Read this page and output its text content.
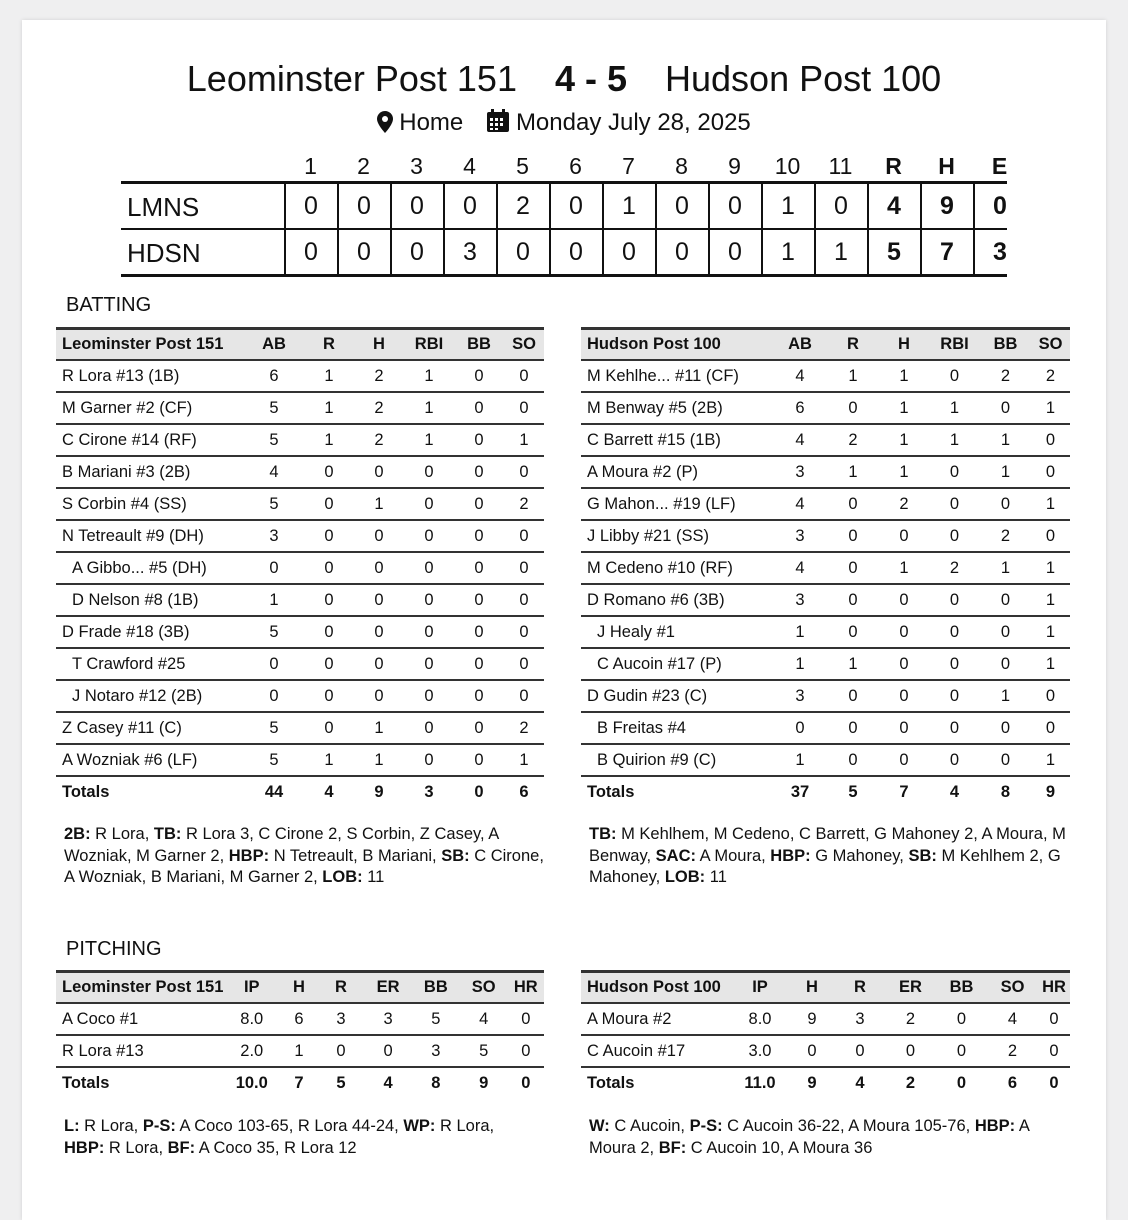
Leominster Post 151 4 - 5 Hudson Post 100
Home Monday July 28, 2025
1	2	3	4	5	6	7	8	9	10	11	R	H	E
LMNS	0	0	0	0	2	0	1	0	0	1	0	4	9	0
HDSN	0	0	0	3	0	0	0	0	0	1	1	5	7	3
BATTING
Leominster Post 151	AB	R	H	RBI	BB	SO
R Lora #13 (1B)	6	1	2	1	0	0
M Garner #2 (CF)	5	1	2	1	0	0
C Cirone #14 (RF)	5	1	2	1	0	1
B Mariani #3 (2B)	4	0	0	0	0	0
S Corbin #4 (SS)	5	0	1	0	0	2
N Tetreault #9 (DH)	3	0	0	0	0	0
A Gibbo... #5 (DH)	0	0	0	0	0	0
D Nelson #8 (1B)	1	0	0	0	0	0
D Frade #18 (3B)	5	0	0	0	0	0
T Crawford #25	0	0	0	0	0	0
J Notaro #12 (2B)	0	0	0	0	0	0
Z Casey #11 (C)	5	0	1	0	0	2
A Wozniak #6 (LF)	5	1	1	0	0	1
Totals	44	4	9	3	0	6
Hudson Post 100	AB	R	H	RBI	BB	SO
M Kehlhe... #11 (CF)	4	1	1	0	2	2
M Benway #5 (2B)	6	0	1	1	0	1
C Barrett #15 (1B)	4	2	1	1	1	0
A Moura #2 (P)	3	1	1	0	1	0
G Mahon... #19 (LF)	4	0	2	0	0	1
J Libby #21 (SS)	3	0	0	0	2	0
M Cedeno #10 (RF)	4	0	1	2	1	1
D Romano #6 (3B)	3	0	0	0	0	1
J Healy #1	1	0	0	0	0	1
C Aucoin #17 (P)	1	1	0	0	0	1
D Gudin #23 (C)	3	0	0	0	1	0
B Freitas #4	0	0	0	0	0	0
B Quirion #9 (C)	1	0	0	0	0	1
Totals	37	5	7	4	8	9
2B: R Lora, TB: R Lora 3, C Cirone 2, S Corbin, Z Casey, A Wozniak, M Garner 2, HBP: N Tetreault, B Mariani, SB: C Cirone, A Wozniak, B Mariani, M Garner 2, LOB: 11
TB: M Kehlhem, M Cedeno, C Barrett, G Mahoney 2, A Moura, M Benway, SAC: A Moura, HBP: G Mahoney, SB: M Kehlhem 2, G Mahoney, LOB: 11
PITCHING
Leominster Post 151	IP	H	R	ER	BB	SO	HR
A Coco #1	8.0	6	3	3	5	4	0
R Lora #13	2.0	1	0	0	3	5	0
Totals	10.0	7	5	4	8	9	0
Hudson Post 100	IP	H	R	ER	BB	SO	HR
A Moura #2	8.0	9	3	2	0	4	0
C Aucoin #17	3.0	0	0	0	0	2	0
Totals	11.0	9	4	2	0	6	0
L: R Lora, P-S: A Coco 103-65, R Lora 44-24, WP: R Lora, HBP: R Lora, BF: A Coco 35, R Lora 12
W: C Aucoin, P-S: C Aucoin 36-22, A Moura 105-76, HBP: A Moura 2, BF: C Aucoin 10, A Moura 36
